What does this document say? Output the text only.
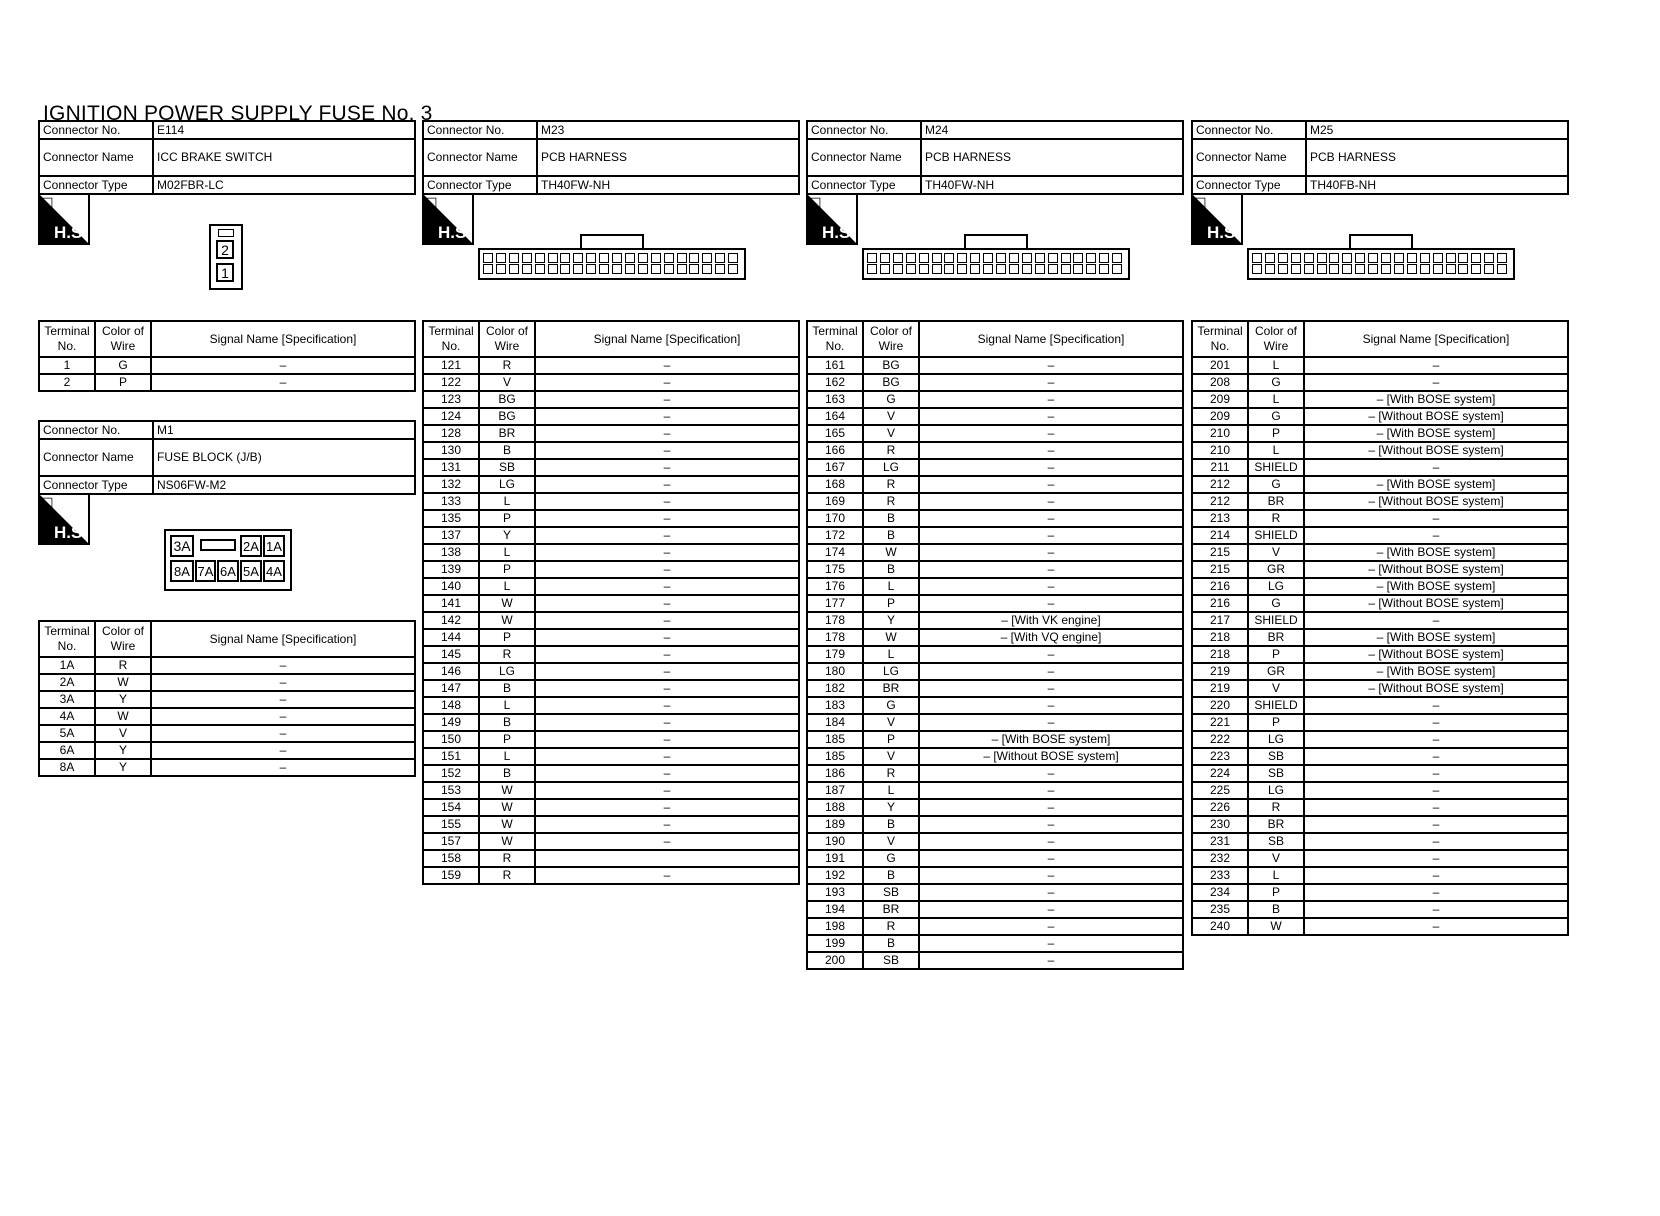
IGNITION POWER SUPPLY FUSE No. 3
Connector No.	E114
Connector Name	ICC BRAKE SWITCH
Connector Type	M02FBR-LC
☐
H.S.
2
1
Terminal No.	Color of Wire	Signal Name [Specification]
1	G	–
2	P	–
Connector No.	M1
Connector Name	FUSE BLOCK (J/B)
Connector Type	NS06FW-M2
☐
H.S.
3A	2A 1A
8A 7A 6A 5A 4A
Terminal No.	Color of Wire	Signal Name [Specification]
1A	R	–
2A	W	–
3A	Y	–
4A	W	–
5A	V	–
6A	Y	–
8A	Y	–
Connector No.	M23
Connector Name	PCB HARNESS
Connector Type	TH40FW-NH
☐
H.S.
Terminal No.	Color of Wire	Signal Name [Specification]
121	R	–
122	V	–
123	BG	–
124	BG	–
128	BR	–
130	B	–
131	SB	–
132	LG	–
133	L	–
135	P	–
137	Y	–
138	L	–
139	P	–
140	L	–
141	W	–
142	W	–
144	P	–
145	R	–
146	LG	–
147	B	–
148	L	–
149	B	–
150	P	–
151	L	–
152	B	–
153	W	–
154	W	–
155	W	–
157	W	–
158	R	
159	R	–
Connector No.	M24
Connector Name	PCB HARNESS
Connector Type	TH40FW-NH
☐
H.S.
Terminal No.	Color of Wire	Signal Name [Specification]
161	BG	–
162	BG	–
163	G	–
164	V	–
165	V	–
166	R	–
167	LG	–
168	R	–
169	R	–
170	B	–
172	B	–
174	W	–
175	B	–
176	L	–
177	P	–
178	Y	– [With VK engine]
178	W	– [With VQ engine]
179	L	–
180	LG	–
182	BR	–
183	G	–
184	V	–
185	P	– [With BOSE system]
185	V	– [Without BOSE system]
186	R	–
187	L	–
188	Y	–
189	B	–
190	V	–
191	G	–
192	B	–
193	SB	–
194	BR	–
198	R	–
199	B	–
200	SB	–
Connector No.	M25
Connector Name	PCB HARNESS
Connector Type	TH40FB-NH
☐
H.S.
Terminal No.	Color of Wire	Signal Name [Specification]
201	L	–
208	G	–
209	L	– [With BOSE system]
209	G	– [Without BOSE system]
210	P	– [With BOSE system]
210	L	– [Without BOSE system]
211	SHIELD	–
212	G	– [With BOSE system]
212	BR	– [Without BOSE system]
213	R	–
214	SHIELD	–
215	V	– [With BOSE system]
215	GR	– [Without BOSE system]
216	LG	– [With BOSE system]
216	G	– [Without BOSE system]
217	SHIELD	–
218	BR	– [With BOSE system]
218	P	– [Without BOSE system]
219	GR	– [With BOSE system]
219	V	– [Without BOSE system]
220	SHIELD	–
221	P	–
222	LG	–
223	SB	–
224	SB	–
225	LG	–
226	R	–
230	BR	–
231	SB	–
232	V	–
233	L	–
234	P	–
235	B	–
240	W	–
